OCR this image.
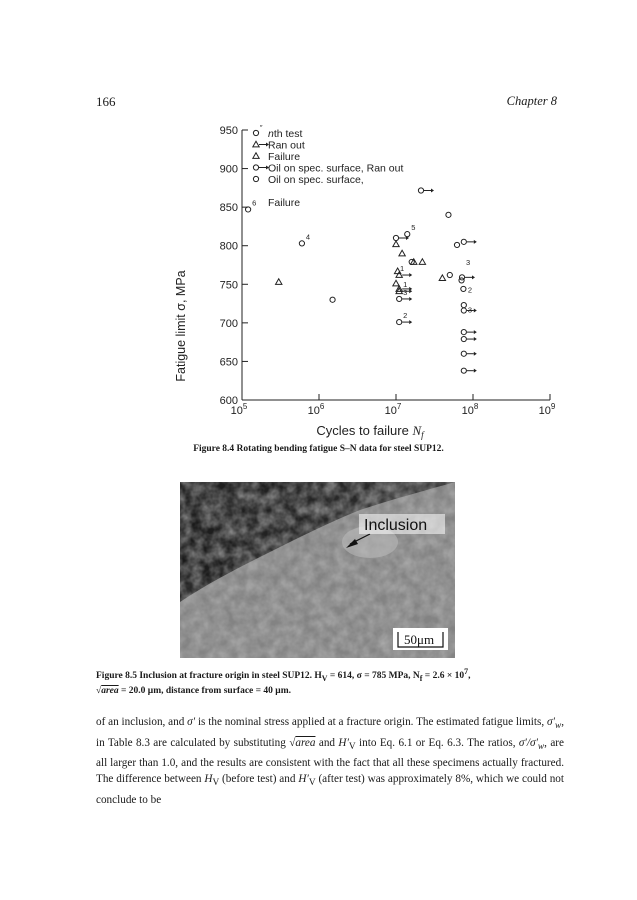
166	Chapter 8
950
900
850
800
750
700
650
600
$10^5$	$10^6$	$10^7$	$10^8$	$10^9$
″ nth test
Ran out
Failure
Oil on spec. surface, Ran out
Oil on spec. surface,
Failure
6
4
5
1
1
3
2
3
2
3
Fatigue limit σ, MPa
Cycles to failure $N_f$
Figure 8.4 Rotating bending fatigue S–N data for steel SUP12.
Inclusion
50μm
Figure 8.5 Inclusion at fracture origin in steel SUP12. $H_V = 614$, σ = 785 MPa, $N_f = 2.6 \times 10^7$,
√area = 20.0 μm, distance from surface = 40 μm.

of an inclusion, and σ′ is the nominal stress applied at a fracture origin. The estimated fatigue limits, $\sigma'_w$, in Table 8.3 are calculated by substituting √area and $H'_V$ into Eq. 6.1 or Eq. 6.3. The ratios, $\sigma'/\sigma'_w$, are all larger than 1.0, and the results are consistent with the fact that all these specimens actually fractured. The difference between $H_V$ (before test) and $H'_V$ (after test) was approximately 8%, which we could not conclude to be
